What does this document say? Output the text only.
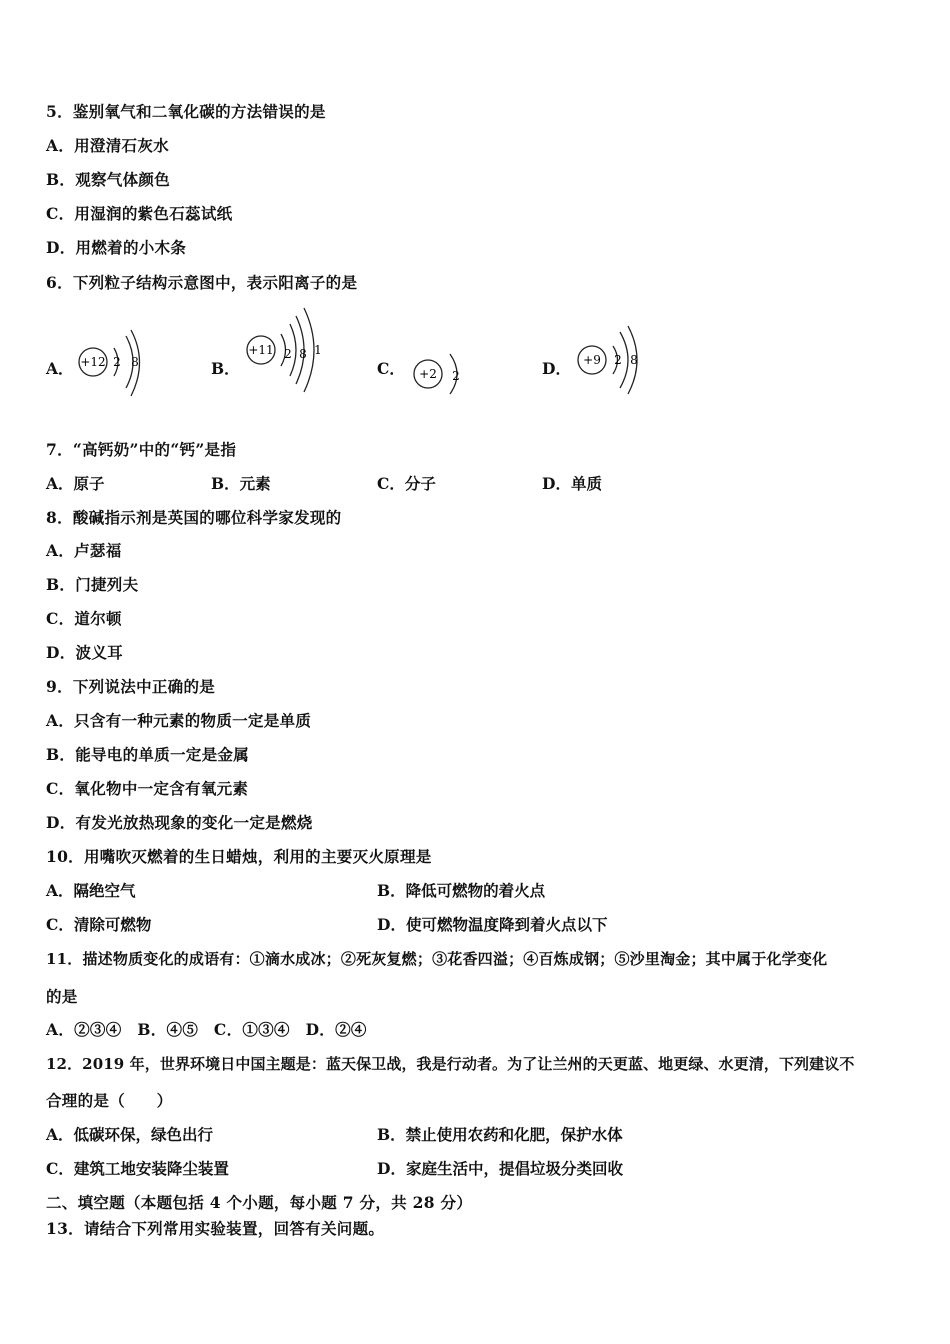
5．鉴别氧气和二氧化碳的方法错误的是
A．用澄清石灰水
B．观察气体颜色
C．用湿润的紫色石蕊试纸
D．用燃着的小木条
6．下列粒子结构示意图中，表示阳离子的是
A．	B．	C．	D．
+12 2 8
+11 2 8 1
+2 2
+9 2 8
7．“高钙奶”中的“钙”是指
A．原子	B．元素	C．分子	D．单质
8．酸碱指示剂是英国的哪位科学家发现的
A．卢瑟福
B．门捷列夫
C．道尔顿
D．波义耳
9．下列说法中正确的是
A．只含有一种元素的物质一定是单质
B．能导电的单质一定是金属
C．氧化物中一定含有氧元素
D．有发光放热现象的变化一定是燃烧
10．用嘴吹灭燃着的生日蜡烛，利用的主要灭火原理是
A．隔绝空气	B．降低可燃物的着火点
C．清除可燃物	D．使可燃物温度降到着火点以下
11．描述物质变化的成语有：①滴水成冰；②死灰复燃；③花香四溢；④百炼成钢；⑤沙里淘金；其中属于化学变化
的是
A．②③④　B．④⑤　C．①③④　D．②④
12．2019 年，世界环境日中国主题是：蓝天保卫战，我是行动者。为了让兰州的天更蓝、地更绿、水更清，下列建议不
合理的是（　　）
A．低碳环保，绿色出行	B．禁止使用农药和化肥，保护水体
C．建筑工地安装降尘装置	D．家庭生活中，提倡垃圾分类回收
二、填空题（本题包括 4 个小题，每小题 7 分，共 28 分）
13．请结合下列常用实验装置，回答有关问题。
